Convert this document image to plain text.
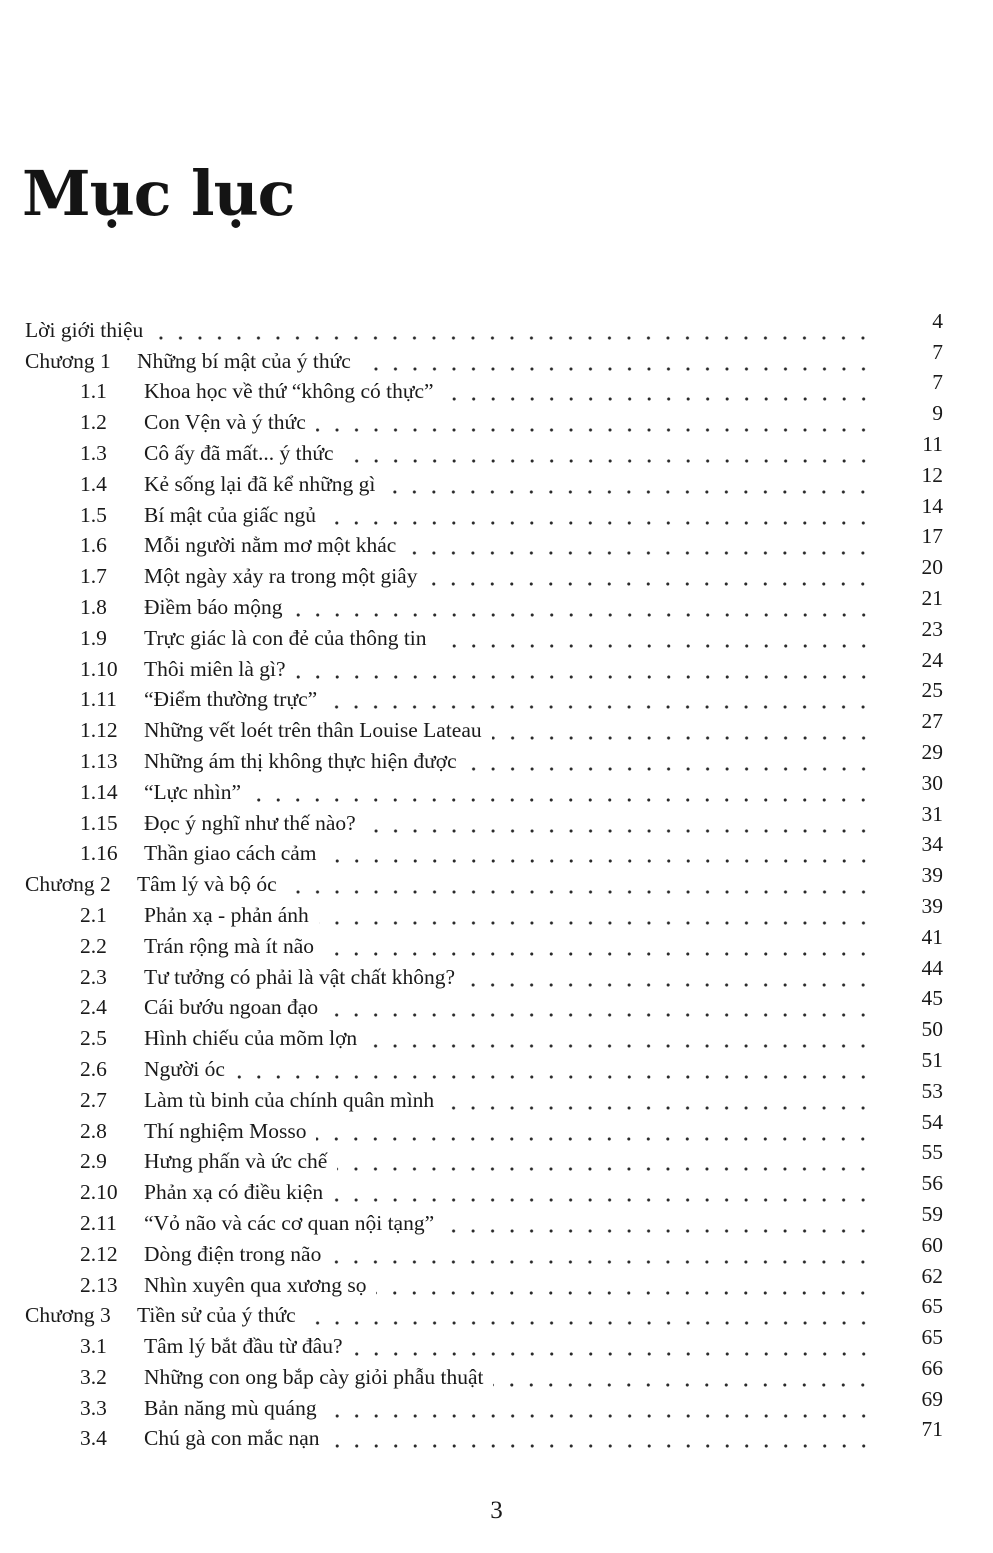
Mục lục
Lời giới thiệu	4
Chương 1	Những bí mật của ý thức	7
1.1	Khoa học về thứ “không có thực”	7
1.2	Con Vện và ý thức	9
1.3	Cô ấy đã mất... ý thức	11
1.4	Kẻ sống lại đã kể những gì	12
1.5	Bí mật của giấc ngủ	14
1.6	Mỗi người nằm mơ một khác	17
1.7	Một ngày xảy ra trong một giây	20
1.8	Điềm báo mộng	21
1.9	Trực giác là con đẻ của thông tin	23
1.10	Thôi miên là gì?	24
1.11	“Điểm thường trực”	25
1.12	Những vết loét trên thân Louise Lateau	27
1.13	Những ám thị không thực hiện được	29
1.14	“Lực nhìn”	30
1.15	Đọc ý nghĩ như thế nào?	31
1.16	Thần giao cách cảm	34
Chương 2	Tâm lý và bộ óc	39
2.1	Phản xạ - phản ánh	39
2.2	Trán rộng mà ít não	41
2.3	Tư tưởng có phải là vật chất không?	44
2.4	Cái bướu ngoan đạo	45
2.5	Hình chiếu của mõm lợn	50
2.6	Người óc	51
2.7	Làm tù binh của chính quân mình	53
2.8	Thí nghiệm Mosso	54
2.9	Hưng phấn và ức chế	55
2.10	Phản xạ có điều kiện	56
2.11	“Vỏ não và các cơ quan nội tạng”	59
2.12	Dòng điện trong não	60
2.13	Nhìn xuyên qua xương sọ	62
Chương 3	Tiền sử của ý thức	65
3.1	Tâm lý bắt đầu từ đâu?	65
3.2	Những con ong bắp cày giỏi phẫu thuật	66
3.3	Bản năng mù quáng	69
3.4	Chú gà con mắc nạn	71
3
